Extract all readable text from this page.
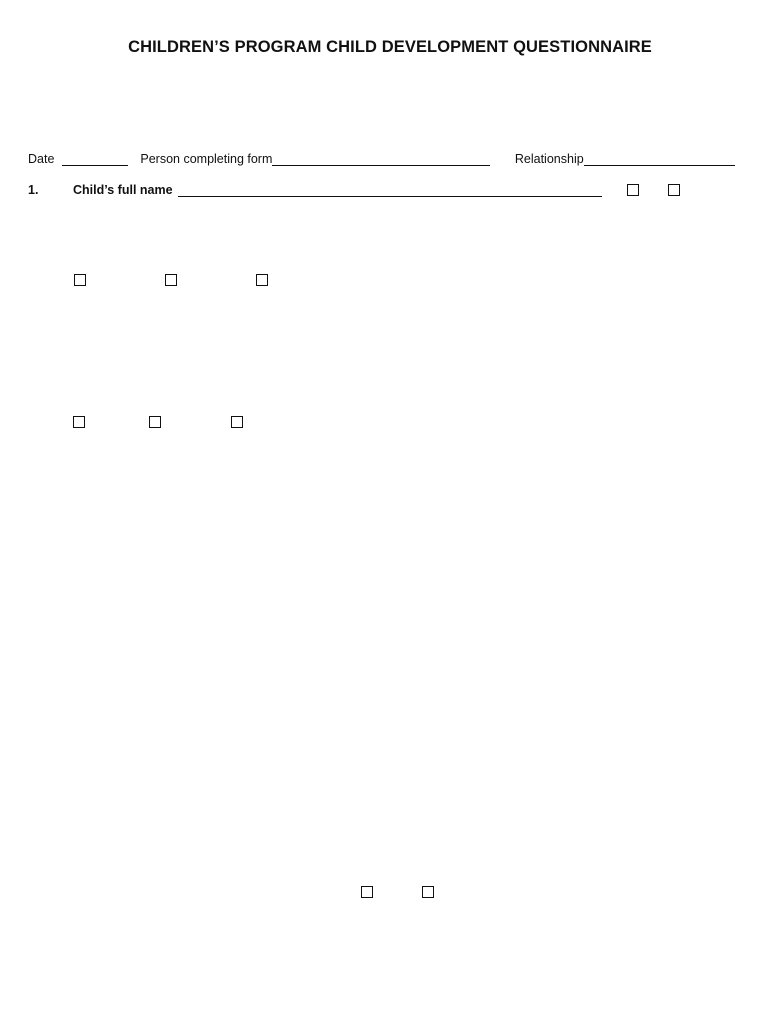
CHILDREN’S PROGRAM CHILD DEVELOPMENT QUESTIONNAIRE
Date	Person completing form	Relationship
1.	Child’s full name
